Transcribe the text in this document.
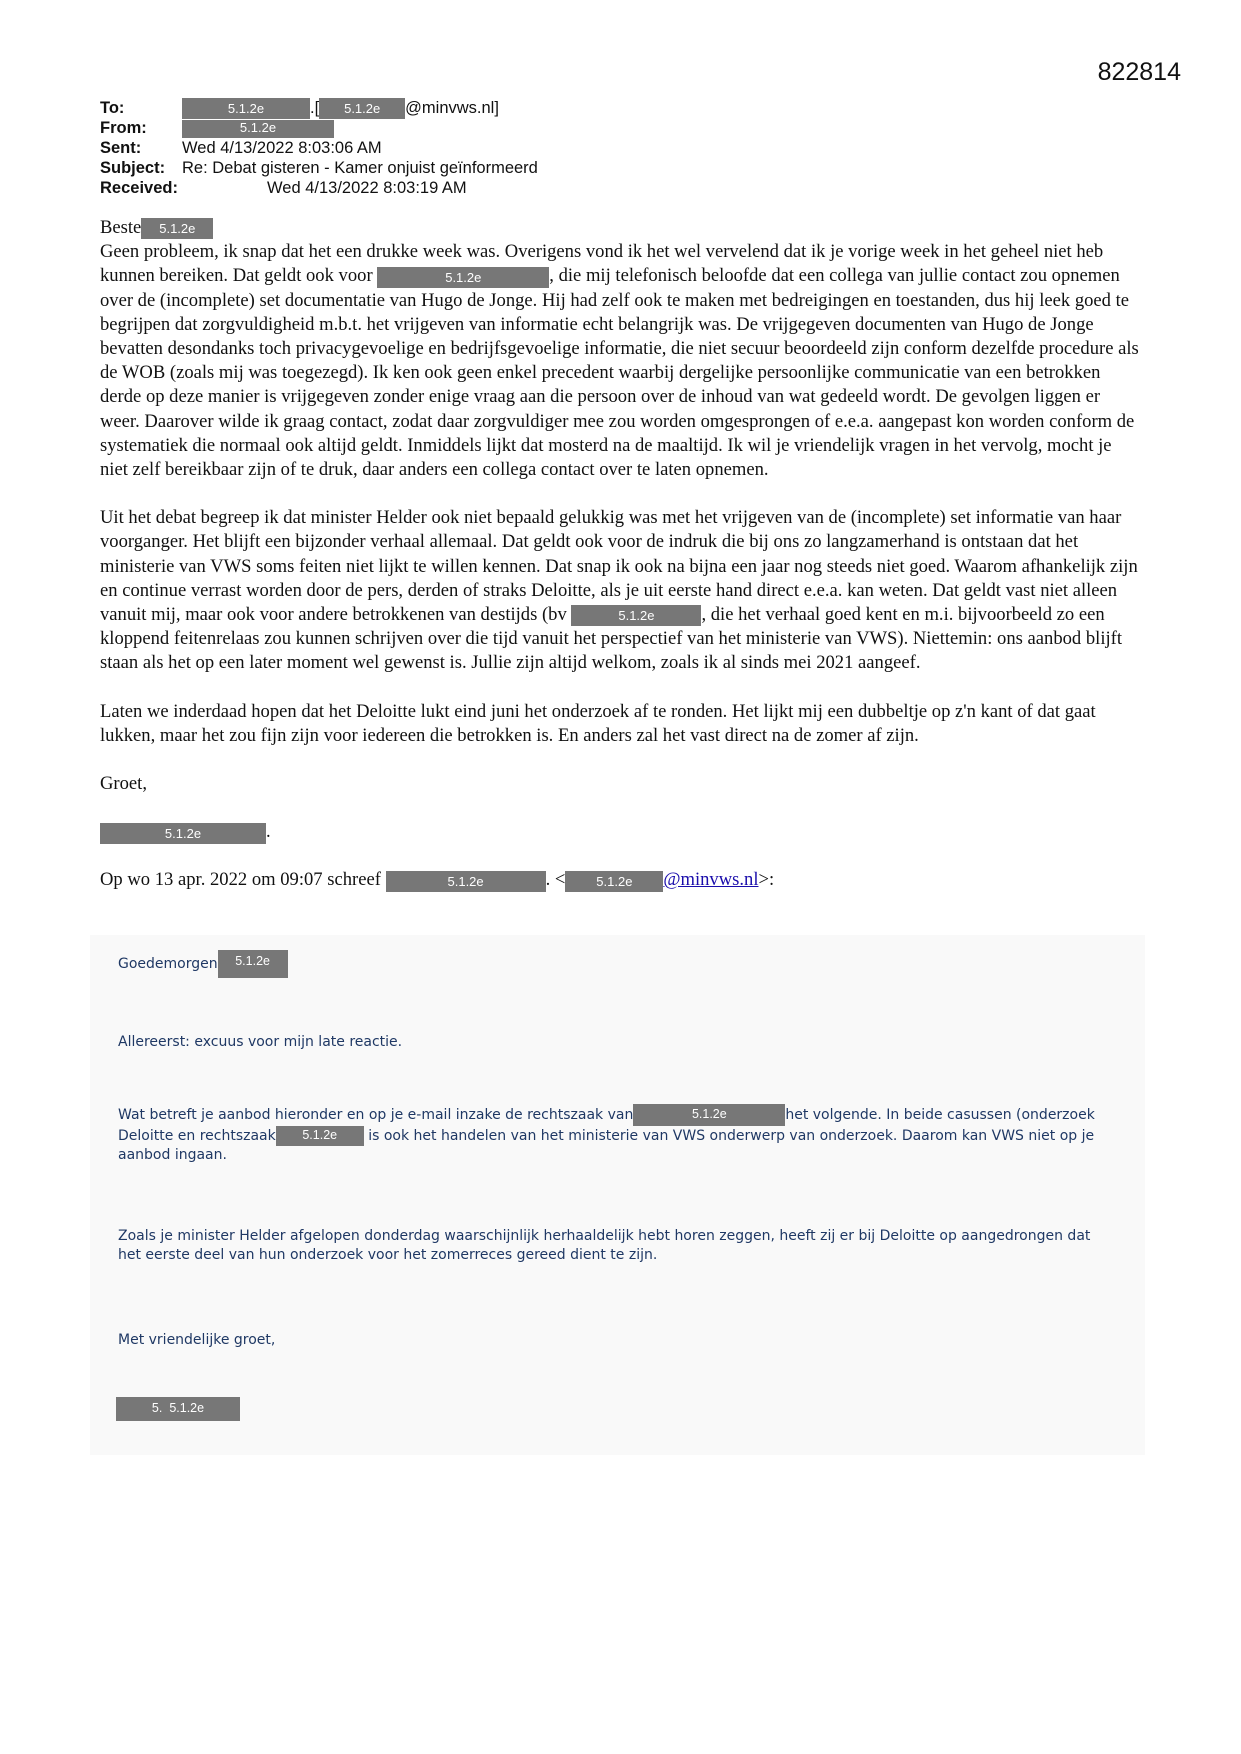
822814
To:	5.1.2e	.[ 5.1.2e @minvws.nl]
From:	5.1.2e
Sent: Wed 4/13/2022 8:03:06 AM
Subject: Re: Debat gisteren - Kamer onjuist geïnformeerd
Received:	Wed 4/13/2022 8:03:19 AM

Beste 5.1.2e
Geen probleem, ik snap dat het een drukke week was. Overigens vond ik het wel vervelend dat ik je vorige week in het geheel niet heb kunnen bereiken. Dat geldt ook voor	5.1.2e	, die mij telefonisch beloofde dat een collega van jullie contact zou opnemen over de (incomplete) set documentatie van Hugo de Jonge. Hij had zelf ook te maken met bedreigingen en toestanden, dus hij leek goed te begrijpen dat zorgvuldigheid m.b.t. het vrijgeven van informatie echt belangrijk was. De vrijgegeven documenten van Hugo de Jonge bevatten desondanks toch privacygevoelige en bedrijfsgevoelige informatie, die niet secuur beoordeeld zijn conform dezelfde procedure als de WOB (zoals mij was toegezegd). Ik ken ook geen enkel precedent waarbij dergelijke persoonlijke communicatie van een betrokken derde op deze manier is vrijgegeven zonder enige vraag aan die persoon over de inhoud van wat gedeeld wordt. De gevolgen liggen er weer. Daarover wilde ik graag contact, zodat daar zorgvuldiger mee zou worden omgesprongen of e.e.a. aangepast kon worden conform de systematiek die normaal ook altijd geldt. Inmiddels lijkt dat mosterd na de maaltijd. Ik wil je vriendelijk vragen in het vervolg, mocht je niet zelf bereikbaar zijn of te druk, daar anders een collega contact over te laten opnemen.

Uit het debat begreep ik dat minister Helder ook niet bepaald gelukkig was met het vrijgeven van de (incomplete) set informatie van haar voorganger. Het blijft een bijzonder verhaal allemaal. Dat geldt ook voor de indruk die bij ons zo langzamerhand is ontstaan dat het ministerie van VWS soms feiten niet lijkt te willen kennen. Dat snap ik ook na bijna een jaar nog steeds niet goed. Waarom afhankelijk zijn en continue verrast worden door de pers, derden of straks Deloitte, als je uit eerste hand direct e.e.a. kan weten. Dat geldt vast niet alleen vanuit mij, maar ook voor andere betrokkenen van destijds (bv	5.1.2e	, die het verhaal goed kent en m.i. bijvoorbeeld zo een kloppend feitenrelaas zou kunnen schrijven over die tijd vanuit het perspectief van het ministerie van VWS). Niettemin: ons aanbod blijft staan als het op een later moment wel gewenst is. Jullie zijn altijd welkom, zoals ik al sinds mei 2021 aangeef.

Laten we inderdaad hopen dat het Deloitte lukt eind juni het onderzoek af te ronden. Het lijkt mij een dubbeltje op z'n kant of dat gaat lukken, maar het zou fijn zijn voor iedereen die betrokken is. En anders zal het vast direct na de zomer af zijn.

Groet,

5.1.2e	.

Op wo 13 apr. 2022 om 09:07 schreef	5.1.2e	. < 5.1.2e @minvws.nl>:

Goedemorgen 5.1.2e
Allereerst: excuus voor mijn late reactie.
Wat betreft je aanbod hieronder en op je e-mail inzake de rechtszaak van	5.1.2e	het volgende. In beide casussen (onderzoek Deloitte en rechtszaak 5.1.2e is ook het handelen van het ministerie van VWS onderwerp van onderzoek. Daarom kan VWS niet op je aanbod ingaan.
Zoals je minister Helder afgelopen donderdag waarschijnlijk herhaaldelijk hebt horen zeggen, heeft zij er bij Deloitte op aangedrongen dat het eerste deel van hun onderzoek voor het zomerreces gereed dient te zijn.
Met vriendelijke groet,
5. 5.1.2e
